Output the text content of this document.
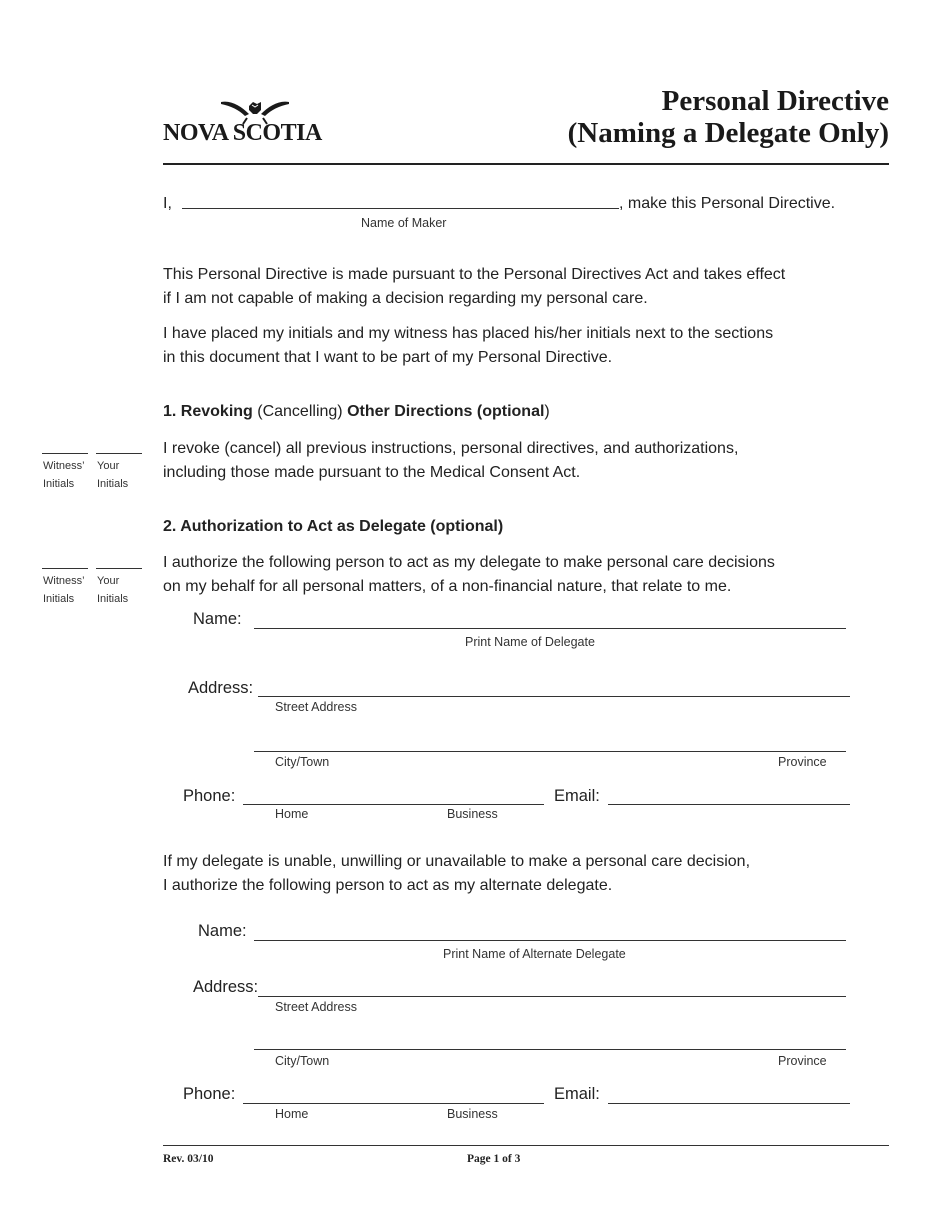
NOVA SCOTIA
Personal Directive
(Naming a Delegate Only)
I,	, make this Personal Directive.
Name of Maker
This Personal Directive is made pursuant to the Personal Directives Act and takes effect
if I am not capable of making a decision regarding my personal care.
I have placed my initials and my witness has placed his/her initials next to the sections
in this document that I want to be part of my Personal Directive.
1. Revoking (Cancelling) Other Directions (optional)
Witness’
Initials
Your
Initials
I revoke (cancel) all previous instructions, personal directives, and authorizations,
including those made pursuant to the Medical Consent Act.
2. Authorization to Act as Delegate (optional)
Witness’
Initials
Your
Initials
I authorize the following person to act as my delegate to make personal care decisions
on my behalf for all personal matters, of a non-financial nature, that relate to me.
Name:
Print Name of Delegate
Address:
Street Address
City/Town	Province
Phone:	Email:
Home	Business
If my delegate is unable, unwilling or unavailable to make a personal care decision,
I authorize the following person to act as my alternate delegate.
Name:
Print Name of Alternate Delegate
Address:
Street Address
City/Town	Province
Phone:	Email:
Home	Business
Rev. 03/10	Page 1 of 3
